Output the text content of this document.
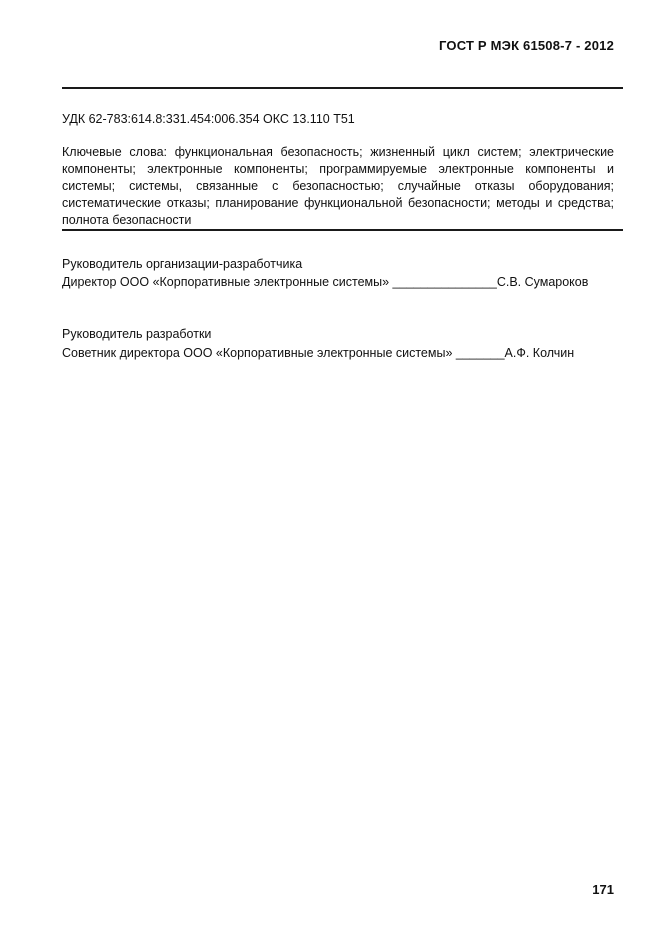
ГОСТ Р МЭК 61508-7 - 2012
УДК 62-783:614.8:331.454:006.354 ОКС 13.110 Т51
Ключевые слова: функциональная безопасность; жизненный цикл систем; электрические компоненты; электронные компоненты; программируемые электронные компоненты и системы; системы, связанные с безопасностью; случайные отказы оборудования; систематические отказы; планирование функциональной безопасности; методы и средства; полнота безопасности
Руководитель организации-разработчика
Директор ООО «Корпоративные электронные системы» _______________С.В. Сумароков
Руководитель разработки
Советник директора ООО «Корпоративные электронные системы» _______А.Ф. Колчин
171
